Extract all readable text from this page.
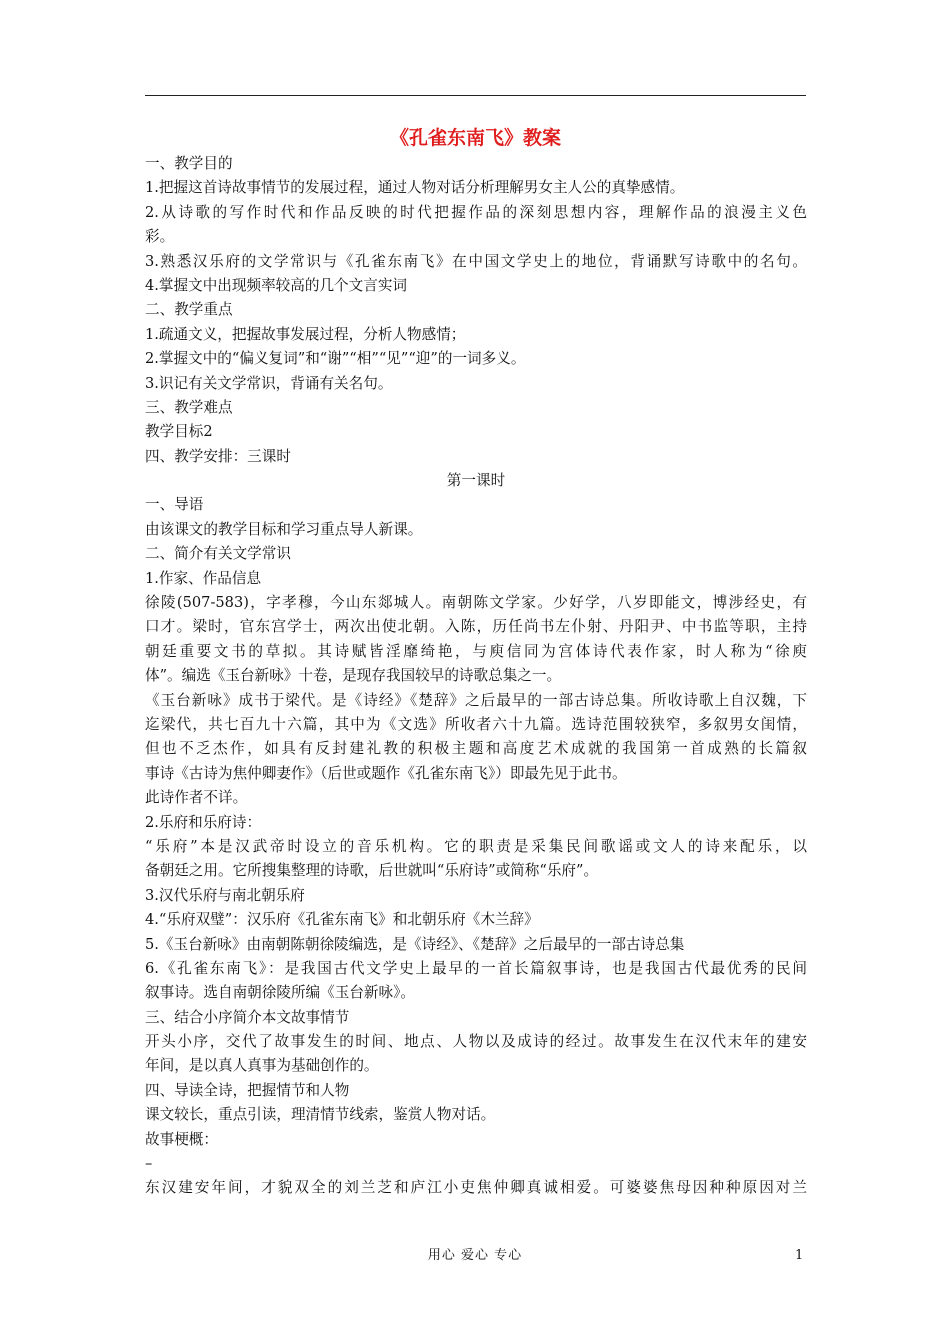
《孔雀东南飞》教案
一、教学目的
1.把握这首诗故事情节的发展过程，通过人物对话分析理解男女主人公的真挚感情。
2.从诗歌的写作时代和作品反映的时代把握作品的深刻思想内容，理解作品的浪漫主义色
彩。
3.熟悉汉乐府的文学常识与《孔雀东南飞》在中国文学史上的地位，背诵默写诗歌中的名句。
4.掌握文中出现频率较高的几个文言实词
二、教学重点
1.疏通文义，把握故事发展过程，分析人物感情；
2.掌握文中的“偏义复词”和“谢”“相”“见”“迎”的一词多义。
3.识记有关文学常识，背诵有关名句。
三、教学难点
教学目标2
四、教学安排：三课时
第一课时
一、导语
由该课文的教学目标和学习重点导人新课。
二、简介有关文学常识
1.作家、作品信息
徐陵(507-583)，字孝穆，今山东郯城人。南朝陈文学家。少好学，八岁即能文，博涉经史，有
口才。梁时，官东宫学士，两次出使北朝。入陈，历任尚书左仆射、丹阳尹、中书监等职，主持
朝廷重要文书的草拟。其诗赋皆淫靡绮艳，与庾信同为宫体诗代表作家，时人称为“徐庾
体”。编选《玉台新咏》十卷，是现存我国较早的诗歌总集之一。
《玉台新咏》成书于梁代。是《诗经》《楚辞》之后最早的一部古诗总集。所收诗歌上自汉魏，下
迄梁代，共七百九十六篇，其中为《文选》所收者六十九篇。选诗范围较狭窄，多叙男女闺情，
但也不乏杰作，如具有反封建礼教的积极主题和高度艺术成就的我国第一首成熟的长篇叙
事诗《古诗为焦仲卿妻作》（后世或题作《孔雀东南飞》）即最先见于此书。
此诗作者不详。
2.乐府和乐府诗：
“乐府”本是汉武帝时设立的音乐机构。它的职责是采集民间歌谣或文人的诗来配乐，以
备朝廷之用。它所搜集整理的诗歌，后世就叫“乐府诗”或简称“乐府”。
3.汉代乐府与南北朝乐府
4.“乐府双璧”：汉乐府《孔雀东南飞》和北朝乐府《木兰辞》
5.《玉台新咏》由南朝陈朝徐陵编选，是《诗经》、《楚辞》之后最早的一部古诗总集
6.《孔雀东南飞》：是我国古代文学史上最早的一首长篇叙事诗，也是我国古代最优秀的民间
叙事诗。选自南朝徐陵所编《玉台新咏》。
三、结合小序简介本文故事情节
开头小序，交代了故事发生的时间、地点、人物以及成诗的经过。故事发生在汉代末年的建安
年间，是以真人真事为基础创作的。
四、导读全诗，把握情节和人物
课文较长，重点引读，理清情节线索，鉴赏人物对话。
故事梗概：
–
东汉建安年间，才貌双全的刘兰芝和庐江小吏焦仲卿真诚相爱。可婆婆焦母因种种原因对兰
用心 爱心 专心	1
